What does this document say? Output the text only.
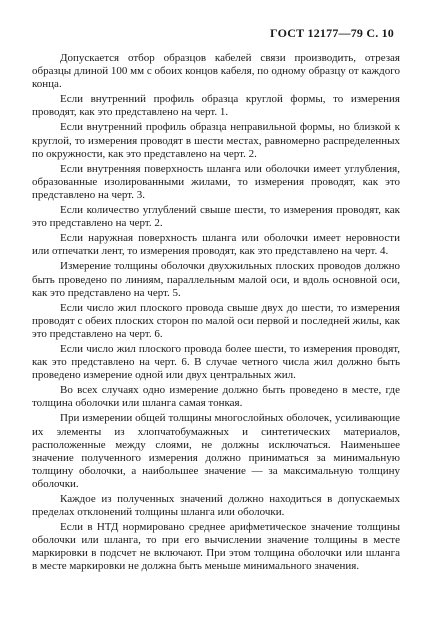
ГОСТ 12177—79 С. 10

Допускается отбор образцов кабелей связи производить, отрезая образцы длиной 100 мм с обоих концов кабеля, по одному образцу от каждого конца.

Если внутренний профиль образца круглой формы, то измерения проводят, как это представлено на черт. 1.

Если внутренний профиль образца неправильной формы, но близкой к круглой, то измерения проводят в шести местах, равномерно распределенных по окружности, как это представлено на черт. 2.

Если внутренняя поверхность шланга или оболочки имеет углубления, образованные изолированными жилами, то измерения проводят, как это представлено на черт. 3.

Если количество углублений свыше шести, то измерения проводят, как это представлено на черт. 2.

Если наружная поверхность шланга или оболочки имеет неровности или отпечатки лент, то измерения проводят, как это представлено на черт. 4.

Измерение толщины оболочки двухжильных плоских проводов должно быть проведено по линиям, параллельным малой оси, и вдоль основной оси, как это представлено на черт. 5.

Если число жил плоского провода свыше двух до шести, то измерения проводят с обеих плоских сторон по малой оси первой и последней жилы, как это представлено на черт. 6.

Если число жил плоского провода более шести, то измерения проводят, как это представлено на черт. 6. В случае четного числа жил должно быть проведено измерение одной или двух центральных жил.

Во всех случаях одно измерение должно быть проведено в месте, где толщина оболочки или шланга самая тонкая.

При измерении общей толщины многослойных оболочек, усиливающие их элементы из хлопчатобумажных и синтетических материалов, расположенные между слоями, не должны исключаться. Наименьшее значение полученного измерения должно приниматься за минимальную толщину оболочки, а наибольшее значение — за максимальную толщину оболочки.

Каждое из полученных значений должно находиться в допускаемых пределах отклонений толщины шланга или оболочки.

Если в НТД нормировано среднее арифметическое значение толщины оболочки или шланга, то при его вычислении значение толщины в месте маркировки в подсчет не включают. При этом толщина оболочки или шланга в месте маркировки не должна быть меньше минимального значения.
